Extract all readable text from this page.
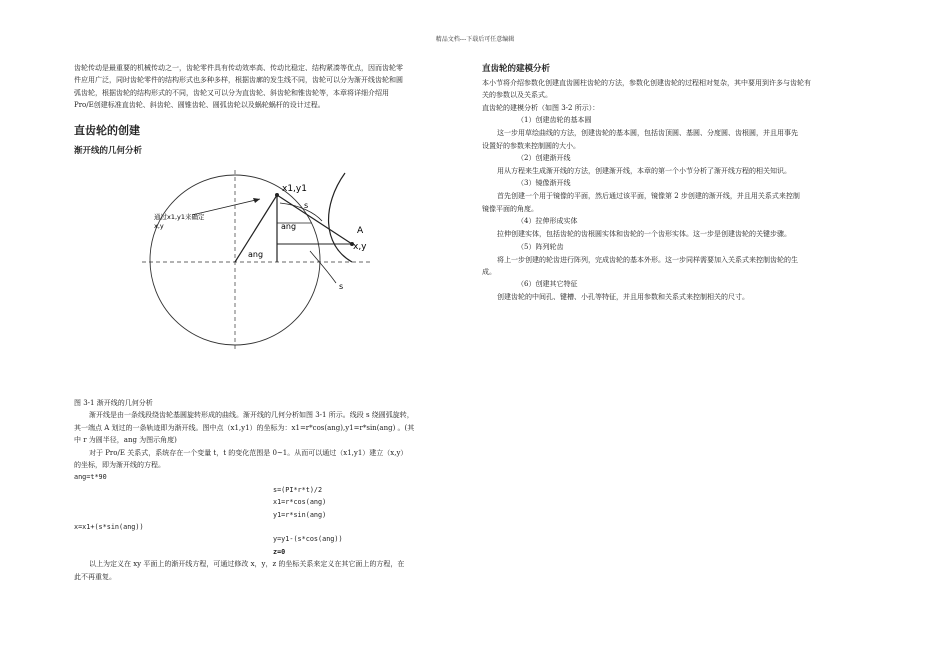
精品文档---下载后可任意编辑

齿轮传动是最重要的机械传动之一，齿轮零件具有传动效率高、传动比稳定、结构紧凑等优点，因而齿轮零

件应用广泛，同时齿轮零件的结构形式也多种多样，根据齿廓的发生线不同，齿轮可以分为渐开线齿轮和圆

弧齿轮，根据齿轮的结构形式的不同，齿轮又可以分为直齿轮、斜齿轮和锥齿轮等，本章将详细介绍用

Pro/E创建标准直齿轮、斜齿轮、圆锥齿轮、圆弧齿轮以及蜗轮蜗杆的设计过程。

直齿轮的创建

渐开线的几何分析

x1,y1
A
x,y
s
s
ang
ang
通过x1,y1来确定
x,y

图 3-1 渐开线的几何分析

渐开线是由一条线段绕齿轮基圆旋转形成的曲线。渐开线的几何分析如图 3-1 所示。线段 s 绕圆弧旋转，

其一端点 A 划过的一条轨迹即为渐开线。图中点（x1,y1）的坐标为：x1=r*cos(ang),y1=r*sin(ang) 。(其

中 r 为圆半径，ang 为图示角度)

对于 Pro/E 关系式，系统存在一个变量 t，t 的变化范围是 0~1。从而可以通过（x1,y1）建立（x,y）

的坐标，即为渐开线的方程。

ang=t*90

s=(PI*r*t)/2

x1=r*cos(ang)

y1=r*sin(ang)

x=x1+(s*sin(ang))

y=y1-(s*cos(ang))

z=0

以上为定义在 xy 平面上的渐开线方程，可通过修改 x，y，z 的坐标关系来定义在其它面上的方程，在

此不再重复。

直齿轮的建模分析

本小节将介绍参数化创建直齿圆柱齿轮的方法，参数化创建齿轮的过程相对复杂，其中要用到许多与齿轮有

关的参数以及关系式。

直齿轮的建模分析（如图 3-2 所示）：

（1）创建齿轮的基本圆

这一步用草绘曲线的方法，创建齿轮的基本圆，包括齿顶圆、基圆、分度圆、齿根圆，并且用事先

设置好的参数来控制圆的大小。

（2）创建渐开线

用从方程来生成渐开线的方法，创建渐开线，本章的第一个小节分析了渐开线方程的相关知识。

（3）镜像渐开线

首先创建一个用于镜像的平面，然后通过该平面，镜像第 2 步创建的渐开线，并且用关系式来控制

镜像平面的角度。

（4）拉伸形成实体

拉伸创建实体，包括齿轮的齿根圆实体和齿轮的一个齿形实体。这一步是创建齿轮的关键步骤。

（5）阵列轮齿

将上一步创建的轮齿进行阵列，完成齿轮的基本外形。这一步同样需要加入关系式来控制齿轮的生

成。

（6）创建其它特征

创建齿轮的中间孔、键槽、小孔等特征，并且用参数和关系式来控制相关的尺寸。
